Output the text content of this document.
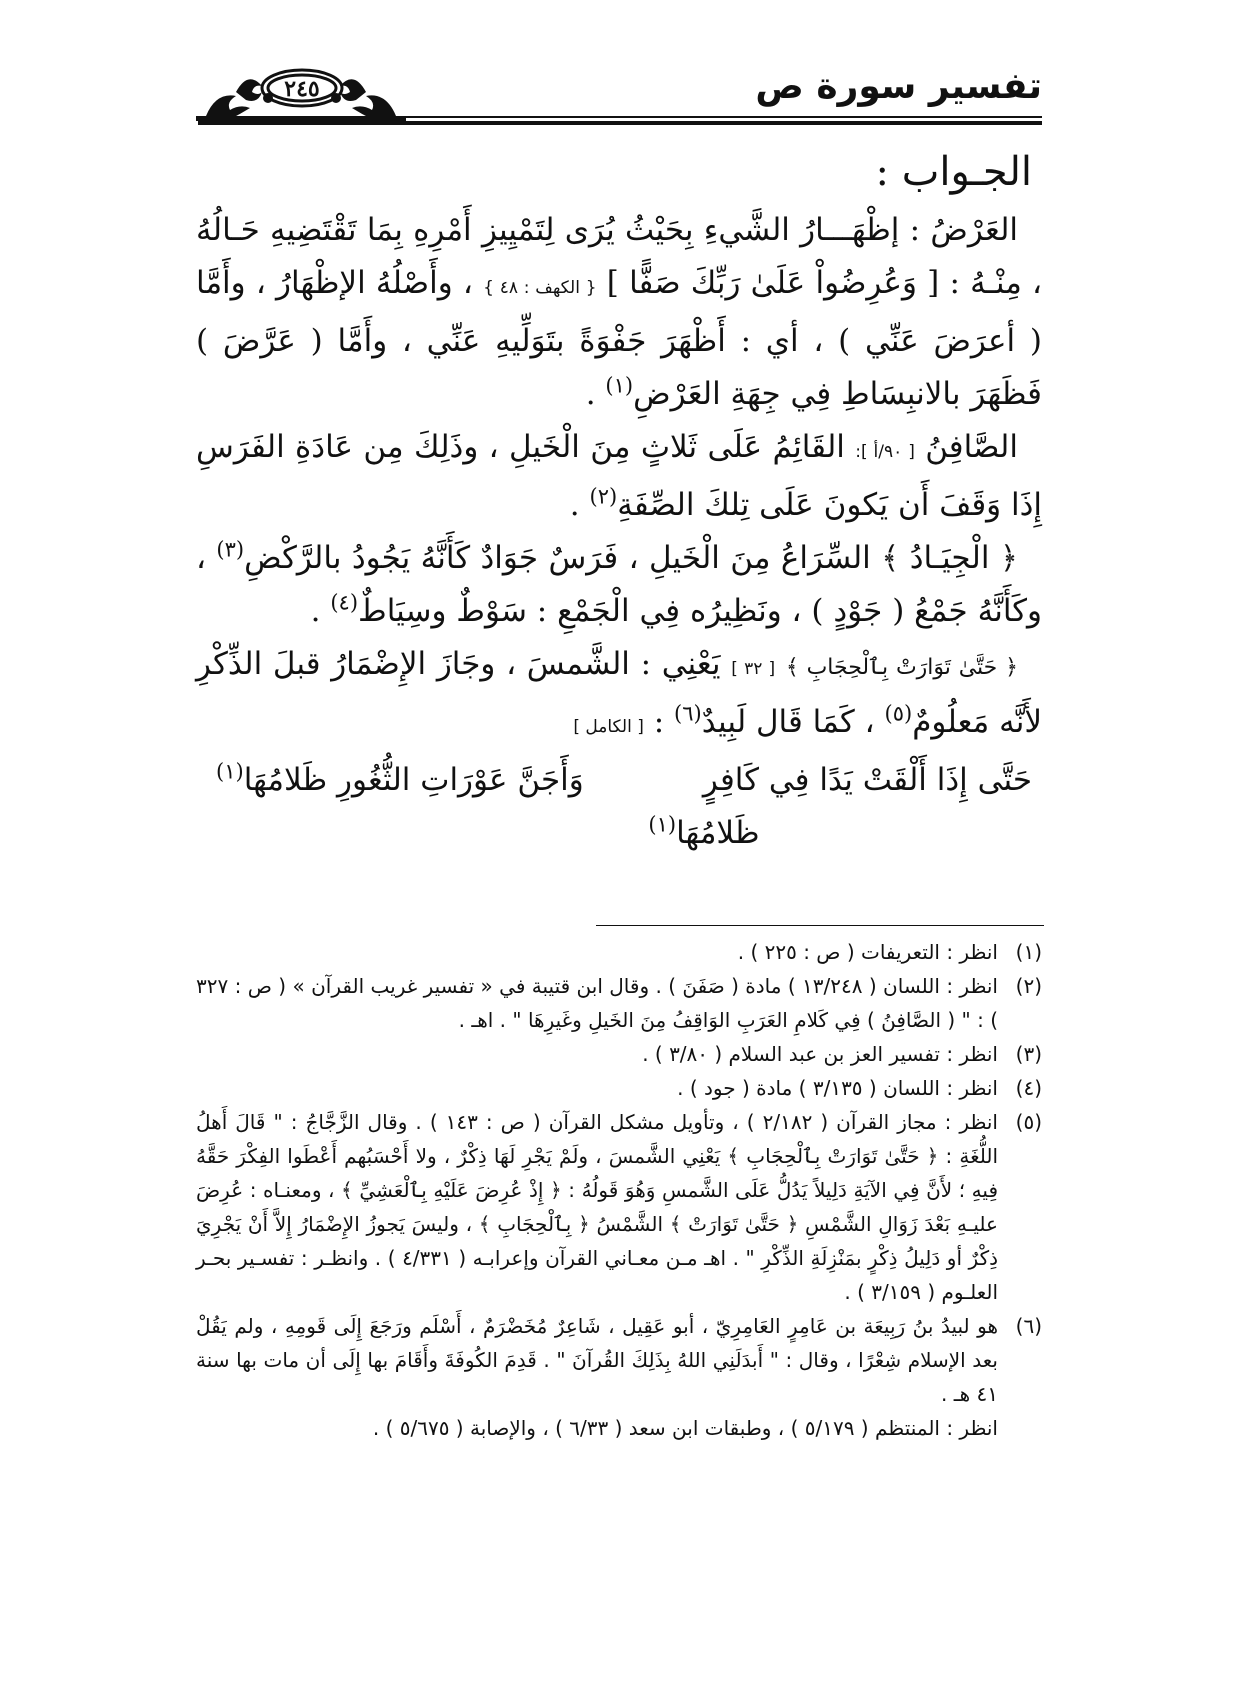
تفسير سورة ص
٢٤٥

الجـواب :

العَرْضُ : إظْهَـــارُ الشَّيءِ بِحَيْثُ يُرَى لِتَمْيِيزِ أَمْرِهِ بِمَا تَقْتَضِيهِ حَـالُهُ ، مِنْـهُ : [ وَعُرِضُواْ عَلَىٰ رَبِّكَ صَفًّا ] { الكهف : ٤٨ } ، وأَصْلُهُ الإظْهَارُ ، وأَمَّا ( أعرَضَ عَنِّي ) ، أي : أَظْهَرَ جَفْوَةً بتَوَلِّيهِ عَنِّي ، وأَمَّا ( عَرَّضَ ) فَظَهَرَ بالانبِسَاطِ فِي جِهَةِ العَرْضِ$^{(١)}$ .

الصَّافِنُ [ ٩٠/أ ]: القَائِمُ عَلَى ثَلاثٍ مِنَ الْخَيلِ ، وذَلِكَ مِن عَادَةِ الفَرَسِ إِذَا وَقَفَ أَن يَكونَ عَلَى تِلكَ الصِّفَةِ$^{(٢)}$ .

﴿ الْجِيَـادُ ﴾ السِّرَاعُ مِنَ الْخَيلِ ، فَرَسٌ جَوَادٌ كَأَنَّهُ يَجُودُ بالرَّكْضِ$^{(٣)}$ ، وكَأَنَّهُ جَمْعُ ( جَوْدٍ ) ، ونَظِيرُه فِي الْجَمْعِ : سَوْطٌ وسِيَاطٌ$^{(٤)}$ .

﴿ حَتَّىٰ تَوَارَتْ بِٱلْحِجَابِ ﴾ [ ٣٢ ] يَعْنِي : الشَّمسَ ، وجَازَ الإِضْمَارُ قبلَ الذِّكْرِ لأَنَّه مَعلُومٌ$^{(٥)}$ ، كَمَا قَال لَبِيدٌ$^{(٦)}$ : [ الكامل ]

حَتَّى إِذَا أَلْقَتْ يَدًا فِي كَافِرٍ
وَأَجَنَّ عَوْرَاتِ الثُّغُورِ ظَلامُهَا$^{(١)}$
ظَلامُهَا$^{(١)}$
(١)
انظر : التعريفات ( ص : ٢٢٥ ) .
(٢)
انظر : اللسان ( ١٣/٢٤٨ ) مادة ( صَفَنَ ) . وقال ابن قتيبة في « تفسير غريب القرآن » ( ص : ٣٢٧ ) : " ( الصَّافِنُ ) فِي كَلامِ العَرَبِ الوَاقِفُ مِنَ الخَيلِ وغَيرِهَا " . اهـ .
(٣)
انظر : تفسير العز بن عبد السلام ( ٣/٨٠ ) .
(٤)
انظر : اللسان ( ٣/١٣٥ ) مادة ( جود ) .
(٥)
انظر : مجاز القرآن ( ٢/١٨٢ ) ، وتأويل مشكل القرآن ( ص : ١٤٣ ) . وقال الزَّجَّاجُ : " قَالَ أَهلُ اللُّغَةِ : ﴿ حَتَّىٰ تَوَارَتْ بِٱلْحِجَابِ ﴾ يَعْنِي الشَّمسَ ، ولَمْ يَجْرِ لَهَا ذِكْرٌ ، ولا أَحْسَبُهم أَعْطَوا الفِكْرَ حَقَّهُ فِيهِ ؛ لأَنَّ فِي الآيَةِ دَلِيلاً يَدُلُّ عَلَى الشَّمسِ وَهُوَ قَولُهُ : ﴿ إِذْ عُرِضَ عَلَيْهِ بِٱلْعَشِيِّ ﴾ ، ومعنـاه : عُرِضَ عليـهِ بَعْدَ زَوَالِ الشَّمْسِ ﴿ حَتَّىٰ تَوَارَتْ ﴾ الشَّمْسُ ﴿ بِٱلْحِجَابِ ﴾ ، وليسَ يَجوزُ الإِضْمَارُ إِلاَّ أَنْ يَجْرِيَ ذِكْرٌ أو دَلِيلُ ذِكْرٍ بمَنْزِلَةِ الذِّكْرِ " . اهـ مـن معـاني القرآن وإعرابـه ( ٤/٣٣١ ) . وانظـر : تفسـير بحـر العلـوم ( ٣/١٥٩ ) .
(٦)
هو لبيدُ بنُ رَبِيعَة بن عَامِرٍ العَامِرِيّ ، أبو عَقِيل ، شَاعِرٌ مُخَضْرَمٌ ، أَسْلَم ورَجَعَ إِلَى قَومِهِ ، ولم يَقُلْ بعد الإسلام شِعْرًا ، وقال : " أَبدَلَنِي اللهُ بِذَلِكَ القُرآنَ " . قَدِمَ الكُوفَةَ وأَقَامَ بها إِلَى أن مات بها سنة ٤١ هـ .
انظر : المنتظم ( ٥/١٧٩ ) ، وطبقات ابن سعد ( ٦/٣٣ ) ، والإصابة ( ٥/٦٧٥ ) .
